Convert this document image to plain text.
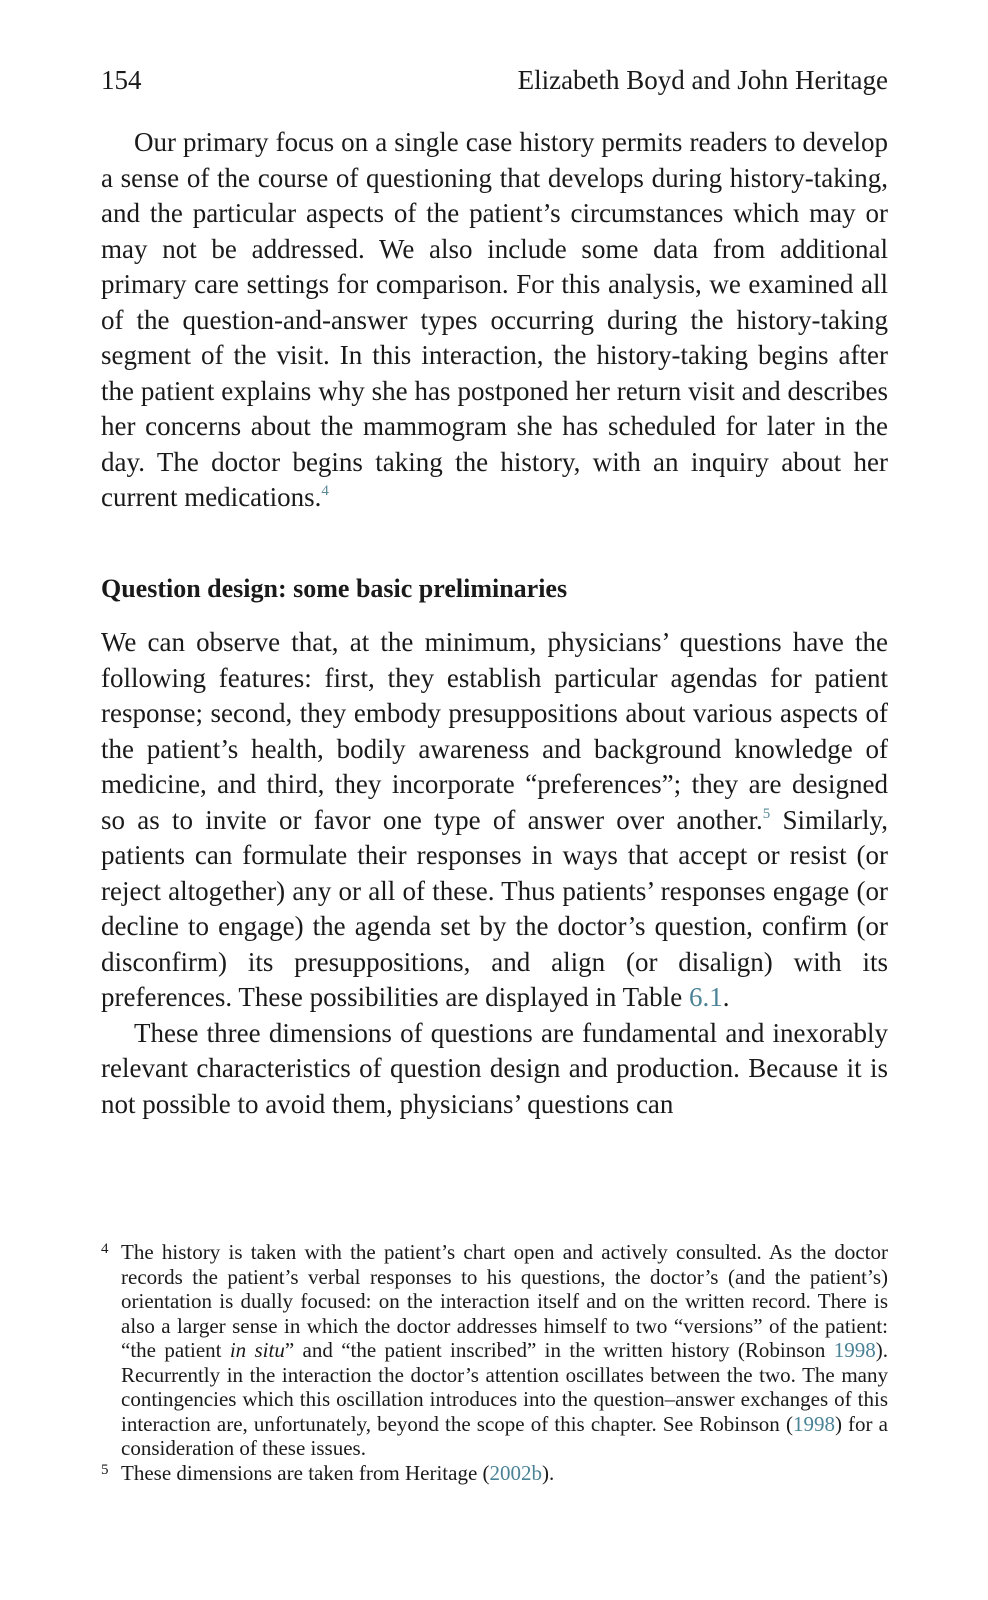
154	Elizabeth Boyd and John Heritage

Our primary focus on a single case history permits readers to develop a sense of the course of questioning that develops during history-taking, and the particular aspects of the patient’s circumstances which may or may not be addressed. We also include some data from additional primary care settings for comparison. For this analysis, we examined all of the question-and-answer types occurring during the history-taking segment of the visit. In this interaction, the history-taking begins after the patient explains why she has postponed her return visit and describes her concerns about the mammogram she has scheduled for later in the day. The doctor begins taking the history, with an inquiry about her current medications.$^4$

Question design: some basic preliminaries

We can observe that, at the minimum, physicians’ questions have the following features: first, they establish particular agendas for patient response; second, they embody presuppositions about various aspects of the patient’s health, bodily awareness and background knowledge of medicine, and third, they incorporate “preferences”; they are designed so as to invite or favor one type of answer over another.$^5$ Similarly, patients can formulate their responses in ways that accept or resist (or reject altogether) any or all of these. Thus patients’ responses engage (or decline to engage) the agenda set by the doctor’s question, confirm (or disconfirm) its presuppositions, and align (or disalign) with its preferences. These possibilities are displayed in Table 6.1.

These three dimensions of questions are fundamental and inexorably relevant characteristics of question design and production. Because it is not possible to avoid them, physicians’ questions can

4 The history is taken with the patient’s chart open and actively consulted. As the doctor records the patient’s verbal responses to his questions, the doctor’s (and the patient’s) orientation is dually focused: on the interaction itself and on the written record. There is also a larger sense in which the doctor addresses himself to two “versions” of the patient: “the patient in situ” and “the patient inscribed” in the written history (Robinson 1998). Recurrently in the interaction the doctor’s attention oscillates between the two. The many contingencies which this oscillation introduces into the question–answer exchanges of this interaction are, unfortunately, beyond the scope of this chapter. See Robinson (1998) for a consideration of these issues.
5 These dimensions are taken from Heritage (2002b).
